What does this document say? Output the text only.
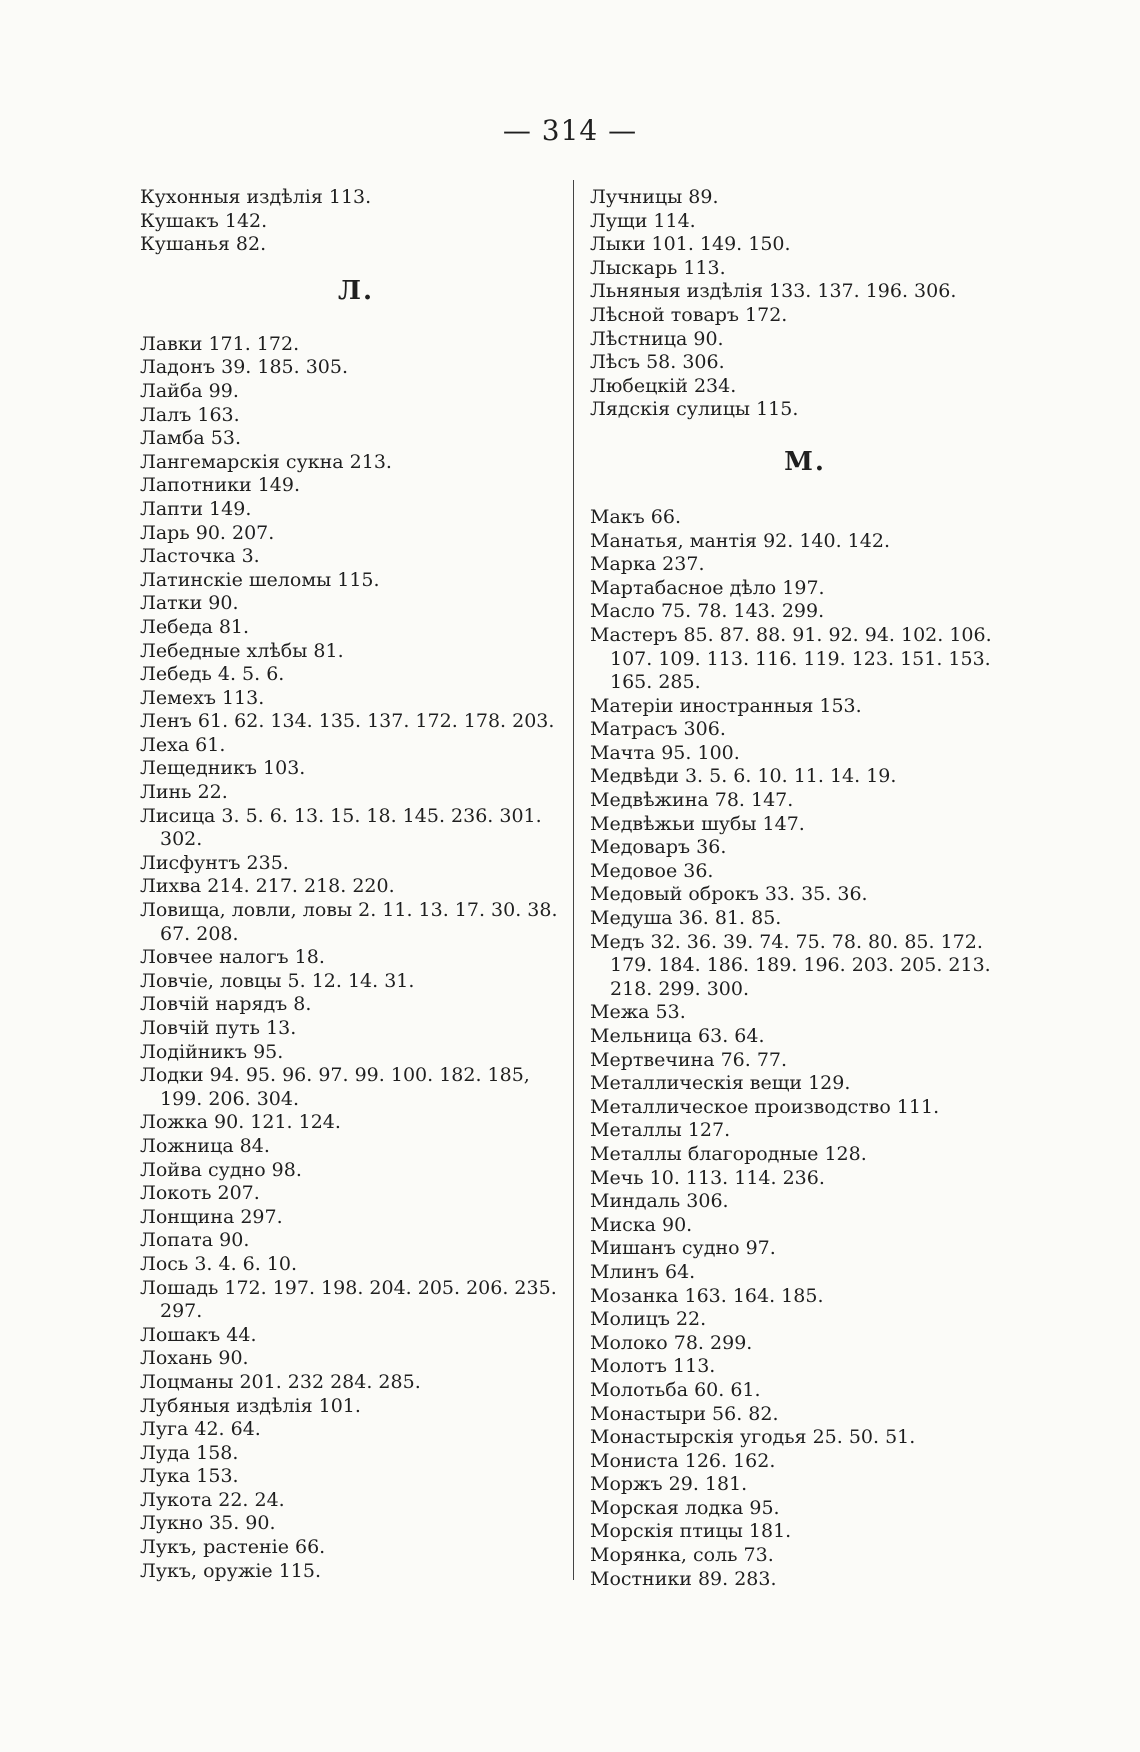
— 314 —
Кухонныя издѣлія 113.
Кушакъ 142.
Кушанья 82.
Л.
Лавки 171. 172.
Ладонъ 39. 185. 305.
Лайба 99.
Лалъ 163.
Ламба 53.
Лангемарскія сукна 213.
Лапотники 149.
Лапти 149.
Ларь 90. 207.
Ласточка 3.
Латинскіе шеломы 115.
Латки 90.
Лебеда 81.
Лебедные хлѣбы 81.
Лебедь 4. 5. 6.
Лемехъ 113.
Ленъ 61. 62. 134. 135. 137. 172. 178. 203.
Леха 61.
Лещедникъ 103.
Линь 22.
Лисица 3. 5. 6. 13. 15. 18. 145. 236. 301. 302.
Лисфунтъ 235.
Лихва 214. 217. 218. 220.
Ловища, ловли, ловы 2. 11. 13. 17. 30. 38. 67. 208.
Ловчее налогъ 18.
Ловчіе, ловцы 5. 12. 14. 31.
Ловчій нарядъ 8.
Ловчій путь 13.
Лодійникъ 95.
Лодки 94. 95. 96. 97. 99. 100. 182. 185, 199. 206. 304.
Ложка 90. 121. 124.
Ложница 84.
Лойва судно 98.
Локоть 207.
Лонщина 297.
Лопата 90.
Лось 3. 4. 6. 10.
Лошадь 172. 197. 198. 204. 205. 206. 235. 297.
Лошакъ 44.
Лохань 90.
Лоцманы 201. 232 284. 285.
Лубяныя издѣлія 101.
Луга 42. 64.
Луда 158.
Лука 153.
Лукота 22. 24.
Лукно 35. 90.
Лукъ, растеніе 66.
Лукъ, оружіе 115.
Лучницы 89.
Лущи 114.
Лыки 101. 149. 150.
Лыскарь 113.
Льняныя издѣлія 133. 137. 196. 306.
Лѣсной товаръ 172.
Лѣстница 90.
Лѣсъ 58. 306.
Любецкій 234.
Лядскія сулицы 115.
М.
Макъ 66.
Манатья, мантія 92. 140. 142.
Марка 237.
Мартабасное дѣло 197.
Масло 75. 78. 143. 299.
Мастеръ 85. 87. 88. 91. 92. 94. 102. 106. 107. 109. 113. 116. 119. 123. 151. 153. 165. 285.
Матеріи иностранныя 153.
Матрасъ 306.
Мачта 95. 100.
Медвѣди 3. 5. 6. 10. 11. 14. 19.
Медвѣжина 78. 147.
Медвѣжьи шубы 147.
Медоваръ 36.
Медовое 36.
Медовый оброкъ 33. 35. 36.
Медуша 36. 81. 85.
Медъ 32. 36. 39. 74. 75. 78. 80. 85. 172. 179. 184. 186. 189. 196. 203. 205. 213. 218. 299. 300.
Межа 53.
Мельница 63. 64.
Мертвечина 76. 77.
Металлическія вещи 129.
Металлическое производство 111.
Металлы 127.
Металлы благородные 128.
Мечь 10. 113. 114. 236.
Миндаль 306.
Миска 90.
Мишанъ судно 97.
Млинъ 64.
Мозанка 163. 164. 185.
Молицъ 22.
Молоко 78. 299.
Молотъ 113.
Молотьба 60. 61.
Монастыри 56. 82.
Монастырскія угодья 25. 50. 51.
Мониста 126. 162.
Моржъ 29. 181.
Морская лодка 95.
Морскія птицы 181.
Морянка, соль 73.
Мостники 89. 283.
